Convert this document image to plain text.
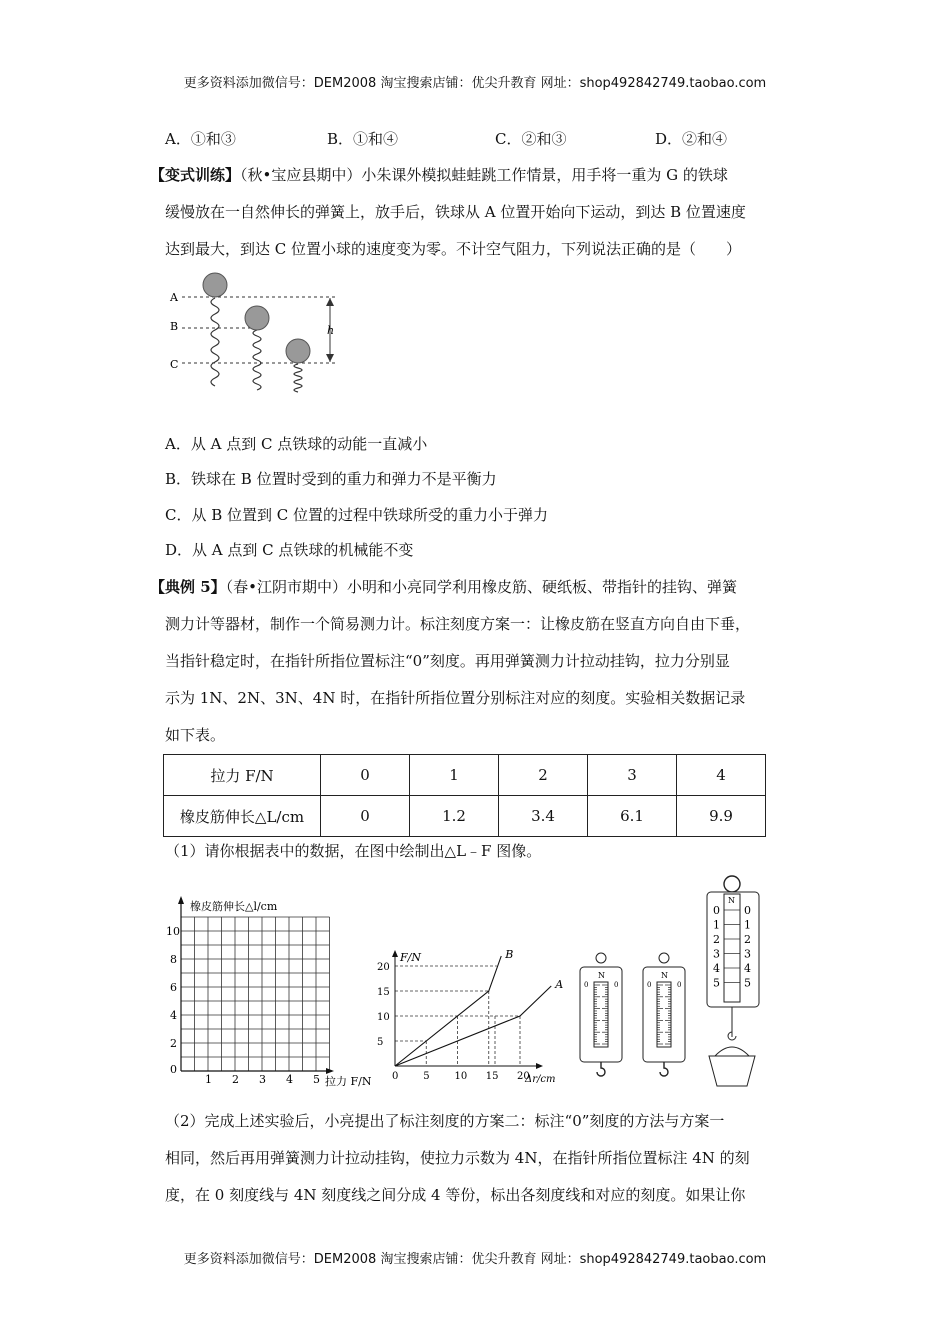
更多资料添加微信号：DEM2008 淘宝搜索店铺：优尖升教育 网址：shop492842749.taobao.com
A．①和③	B．①和④	C．②和③	D．②和④
【变式训练】（秋•宝应县期中）小朱课外模拟蛙蛙跳工作情景，用手将一重为 G 的铁球
缓慢放在一自然伸长的弹簧上，放手后，铁球从 A 位置开始向下运动，到达 B 位置速度
达到最大，到达 C 位置小球的速度变为零。不计空气阻力，下列说法正确的是（　　）
A
B
C
h
A．从 A 点到 C 点铁球的动能一直减小
B．铁球在 B 位置时受到的重力和弹力不是平衡力
C．从 B 位置到 C 位置的过程中铁球所受的重力小于弹力
D．从 A 点到 C 点铁球的机械能不变
【典例 5】（春•江阴市期中）小明和小亮同学利用橡皮筋、硬纸板、带指针的挂钩、弹簧
测力计等器材，制作一个简易测力计。标注刻度方案一：让橡皮筋在竖直方向自由下垂，
当指针稳定时，在指针所指位置标注“0”刻度。再用弹簧测力计拉动挂钩，拉力分别显
示为 1N、2N、3N、4N 时，在指针所指位置分别标注对应的刻度。实验相关数据记录
如下表。
拉力 F/N	0	1	2	3	4
橡皮筋伸长△L/cm	0	1.2	3.4	6.1	9.9
（1）请你根据表中的数据，在图中绘制出△L﹣F 图像。
橡皮筋伸长△l/cm
拉力 F/N
10
8
6
4
2
0
1 2 3 4 5
F/N
Δr/cm
B
A
0 5 10 15 20
5
10
15
20
N
0	0
N
0	0
N
0 0
1 1
2 2
3 3
4 4
5 5
（2）完成上述实验后，小亮提出了标注刻度的方案二：标注“0”刻度的方法与方案一
相同，然后再用弹簧测力计拉动挂钩，使拉力示数为 4N，在指针所指位置标注 4N 的刻
度，在 0 刻度线与 4N 刻度线之间分成 4 等份，标出各刻度线和对应的刻度。如果让你
更多资料添加微信号：DEM2008 淘宝搜索店铺：优尖升教育 网址：shop492842749.taobao.com
